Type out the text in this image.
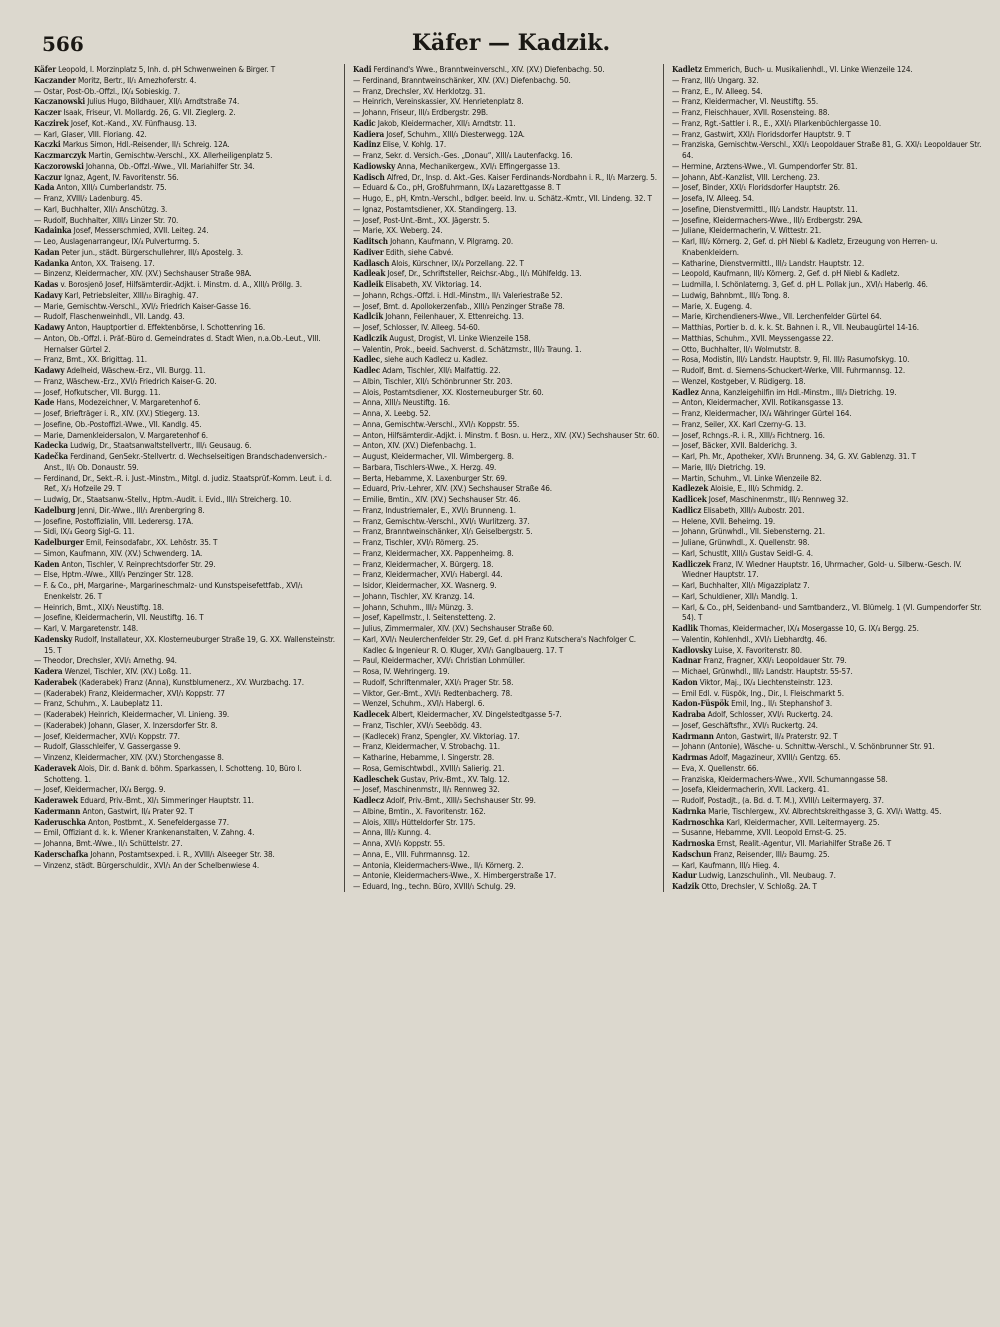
566	Käfer — Kadzik.
Käfer Leopold, I. Morzinplatz 5, Inh. d. pH Schwenweinen & Birger. T
Kaczander Moritz, Bertr., II/₁ Arnezhoferstr. 4.
— Ostar, Post-Ob.-Offzl., IX/₄ Sobieskig. 7.
Kaczanowski Julius Hugo, Bildhauer, XII/₁ Arndtstraße 74.
Kaczer Isaak, Friseur, VI. Mollardg. 26, G. VII. Zieglerg. 2.
Kaczirek Josef, Kot.-Kand., XV. Fünfhausg. 13.
— Karl, Glaser, VIII. Floriang. 42.
Kaczki Markus Simon, Hdl.-Reisender, II/₁ Schreig. 12A.
Kaczmarczyk Martin, Gemischtw.-Verschl., XX. Allerheiligenplatz 5.
Kaczorowski Johanna, Ob.-Offzl.-Wwe., VII. Mariahilfer Str. 34.
Kaczur Ignaz, Agent, IV. Favoritenstr. 56.
Kada Anton, XIII/₃ Cumberlandstr. 75.
— Franz, XVIII/₂ Ladenburg. 45.
— Karl, Buchhalter, XII/₁ Anschützg. 3.
— Rudolf, Buchhalter, XIII/₃ Linzer Str. 70.
Kadainka Josef, Messerschmied, XVII. Leiteg. 24.
— Leo, Auslagenarrangeur, IX/₄ Pulverturmg. 5.
Kadan Peter jun., städt. Bürgerschullehrer, III/₃ Apostelg. 3.
Kadanka Anton, XX. Traiseng. 17.
— Binzenz, Kleidermacher, XIV. (XV.) Sechshauser Straße 98A.
Kadas v. Borosjenö Josef, Hilfsämterdir.-Adjkt. i. Minstm. d. A., XIII/₃ Pröllg. 3.
Kadavy Karl, Petriebsleiter, XIII/₁₀ Biraghig. 47.
— Marie, Gemischtw.-Verschl., XVI/₂ Friedrich Kaiser-Gasse 16.
— Rudolf, Flaschenweinhdl., VII. Landg. 43.
Kadawy Anton, Hauptportier d. Effektenbörse, I. Schottenring 16.
— Anton, Ob.-Offzl. i. Präf.-Büro d. Gemeindrates d. Stadt Wien, n.a.Ob.-Leut., VIII. Hernalser Gürtel 2.
— Franz, Bmt., XX. Brigittag. 11.
Kadawy Adelheid, Wäschew.-Erz., VII. Burgg. 11.
— Franz, Wäschew.-Erz., XVI/₂ Friedrich Kaiser-G. 20.
— Josef, Hofkutscher, VII. Burgg. 11.
Kade Hans, Modezeichner, V. Margaretenhof 6.
— Josef, Briefträger i. R., XIV. (XV.) Stiegerg. 13.
— Josefine, Ob.-Postoffizl.-Wwe., VII. Kandlg. 45.
— Marie, Damenkleidersalon, V. Margaretenhof 6.
Kadecka Ludwig, Dr., Staatsanwaltstellvertr., III/₁ Geusaug. 6.
Kadečka Ferdinand, GenSekr.-Stellvertr. d. Wechselseitigen Brandschadenversich.-Anst., II/₁ Ob. Donaustr. 59.
— Ferdinand, Dr., Sekt.-R. i. Just.-Minstm., Mitgl. d. judiz. Staatsprüf.-Komm. Leut. i. d. Ref., X/₃ Hofzeile 29. T
— Ludwig, Dr., Staatsanw.-Stellv., Hptm.-Audit. i. Evid., III/₁ Streicherg. 10.
Kadelburg Jenni, Dir.-Wwe., III/₁ Arenbergring 8.
— Josefine, Postoffizialin, VIII. Lederersg. 17A.
— Sidi, IX/₄ Georg Sigl-G. 11.
Kadelburger Emil, Feinsodafabr., XX. Lehöstr. 35. T
— Simon, Kaufmann, XIV. (XV.) Schwenderg. 1A.
Kaden Anton, Tischler, V. Reinprechtsdorfer Str. 29.
— Else, Hptm.-Wwe., XIII/₃ Penzinger Str. 128.
— F. & Co., pH, Margarine-, Margarineschmalz- und Kunstspeisefettfab., XVI/₁ Enenkelstr. 26. T
— Heinrich, Bmt., XIX/₁ Neustiftg. 18.
— Josefine, Kleidermacherin, VII. Neustiftg. 16. T
— Karl, V. Margaretenstr. 148.
Kadensky Rudolf, Installateur, XX. Klosterneuburger Straße 19, G. XX. Wallensteinstr. 15. T
— Theodor, Drechsler, XVI/₁ Arnethg. 94.
Kadera Wenzel, Tischler, XIV. (XV.) Loßg. 11.
Kaderabek (Kaderabek) Franz (Anna), Kunstblumenerz., XV. Wurzbachg. 17.
— (Kaderabek) Franz, Kleidermacher, XVI/₁ Koppstr. 77
— Franz, Schuhm., X. Laubeplatz 11.
— (Kaderabek) Heinrich, Kleidermacher, VI. Linieng. 39.
— (Kaderabek) Johann, Glaser, X. Inzersdorfer Str. 8.
— Josef, Kleidermacher, XVI/₁ Koppstr. 77.
— Rudolf, Glasschleifer, V. Gassergasse 9.
— Vinzenz, Kleidermacher, XIV. (XV.) Storchengasse 8.
Kaderavek Alois, Dir. d. Bank d. böhm. Sparkassen, I. Schotteng. 10, Büro I. Schotteng. 1.
— Josef, Kleidermacher, IX/₄ Bergg. 9.
Kaderawek Eduard, Priv.-Bmt., XI/₁ Simmeringer Hauptstr. 11.
Kadermann Anton, Gastwirt, II/₄ Prater 92. T
Kaderuschka Anton, Postbmt., X. Senefeldergasse 77.
— Emil, Offiziant d. k. k. Wiener Krankenanstalten, V. Zahng. 4.
— Johanna, Bmt.-Wwe., II/₁ Schüttelstr. 27.
Kaderschafka Johann, Postamtsexped. i. R., XVIII/₁ Alseeger Str. 38.
— Vinzenz, städt. Bürgerschuldir., XVI/₁ An der Schelbenwiese 4.
Kadi Ferdinand's Wwe., Branntweinverschl., XIV. (XV.) Diefenbachg. 50.
— Ferdinand, Branntweinschänker, XIV. (XV.) Diefenbachg. 50.
— Franz, Drechsler, XV. Herklotzg. 31.
— Heinrich, Vereinskassier, XV. Henrietenplatz 8.
— Johann, Friseur, III/₃ Erdbergstr. 29B.
Kadic Jakob, Kleidermacher, XII/₁ Arndtstr. 11.
Kadiera Josef, Schuhm., XIII/₃ Diesterwegg. 12A.
Kadinz Elise, V. Kohlg. 17.
— Franz, Sekr. d. Versich.-Ges. „Donau“, XIII/₄ Lautenfackg. 16.
Kadiowsky Anna, Mechanikergew., XVI/₁ Effingergasse 13.
Kadisch Alfred, Dr., Insp. d. Akt.-Ges. Kaiser Ferdinands-Nordbahn i. R., II/₁ Marzerg. 5.
— Eduard & Co., pH, Großfuhrmann, IX/₄ Lazarettgasse 8. T
— Hugo, E., pH, Kmtn.-Verschl., bdlger. beeid. Inv. u. Schätz.-Kmtr., VII. Lindeng. 32. T
— Ignaz, Postamtsdiener, XX. Standingerg. 13.
— Josef, Post-Unt.-Bmt., XX. Jägerstr. 5.
— Marie, XX. Weberg. 24.
Kaditsch Johann, Kaufmann, V. Pilgramg. 20.
Kadiver Edith, siehe Cabvé.
Kadlasch Alois, Kürschner, IX/₄ Porzellang. 22. T
Kadleak Josef, Dr., Schriftsteller, Reichsr.-Abg., II/₁ Mühlfeldg. 13.
Kadleik Elisabeth, XV. Viktoriag. 14.
— Johann, Rchgs.-Offzl. i. Hdl.-Minstm., II/₁ Valeriestraße 52.
— Josef, Bmt. d. Apollokerzenfab., XIII/₃ Penzinger Straße 78.
Kadlcik Johann, Feilenhauer, X. Ettenreichg. 13.
— Josef, Schlosser, IV. Alleeg. 54-60.
Kadlczik August, Drogist, VI. Linke Wienzeile 158.
— Valentin, Prok., beeid. Sachverst. d. Schätzmstr., III/₂ Traung. 1.
Kadlec, siehe auch Kadlecz u. Kadlez.
Kadlec Adam, Tischler, XII/₁ Malfattig. 22.
— Albin, Tischler, XII/₁ Schönbrunner Str. 203.
— Alois, Postamtsdiener, XX. Klosterneuburger Str. 60.
— Anna, XIII/₃ Neustiftg. 16.
— Anna, X. Leebg. 52.
— Anna, Gemischtw.-Verschl., XVI/₁ Koppstr. 55.
— Anton, Hilfsämterdir.-Adjkt. i. Minstm. f. Bosn. u. Herz., XIV. (XV.) Sechshauser Str. 60.
— Anton, XIV. (XV.) Diefenbachg. 1.
— August, Kleidermacher, VII. Wimbergerg. 8.
— Barbara, Tischlers-Wwe., X. Herzg. 49.
— Berta, Hebamme, X. Laxenburger Str. 69.
— Eduard, Priv.-Lehrer, XIV. (XV.) Sechshauser Straße 46.
— Emilie, Bmtin., XIV. (XV.) Sechshauser Str. 46.
— Franz, Industriemaler, E., XVI/₁ Brunneng. 1.
— Franz, Gemischtw.-Verschl., XVI/₁ Wurlitzerg. 37.
— Franz, Branntweinschänker, XI/₁ Geiselbergstr. 5.
— Franz, Tischler, XVI/₁ Römerg. 25.
— Franz, Kleidermacher, XX. Pappenheimg. 8.
— Franz, Kleidermacher, X. Bürgerg. 18.
— Franz, Kleidermacher, XVI/₁ Habergl. 44.
— Isidor, Kleidermacher, XX. Wasnerg. 9.
— Johann, Tischler, XV. Kranzg. 14.
— Johann, Schuhm., III/₂ Münzg. 3.
— Josef, Kapellmstr., I. Seitenstetteng. 2.
— Julius, Zimmermaler, XIV. (XV.) Sechshauser Straße 60.
— Karl, XVI/₁ Neulerchenfelder Str. 29, Gef. d. pH Franz Kutschera's Nachfolger C. Kadlec & Ingenieur R. O. Kluger, XVI/₁ Ganglbauerg. 17. T
— Paul, Kleidermacher, XVI/₁ Christian Lohmüller.
— Rosa, IV. Wehringerg. 19.
— Rudolf, Schriftenmaler, XXI/₁ Prager Str. 58.
— Viktor, Ger.-Bmt., XVI/₁ Redtenbacherg. 78.
— Wenzel, Schuhm., XVI/₁ Habergl. 6.
Kadlecek Albert, Kleidermacher, XV. Dingelstedtgasse 5-7.
— Franz, Tischler, XVI/₁ Seebödg. 43.
— (Kadlecek) Franz, Spengler, XV. Viktoriag. 17.
— Franz, Kleidermacher, V. Strobachg. 11.
— Katharine, Hebamme, I. Singerstr. 28.
— Rosa, Gemischtwbdl., XVIII/₁ Salierig. 21.
Kadleschek Gustav, Priv.-Bmt., XV. Talg. 12.
— Josef, Maschinenmstr., II/₁ Rennweg 32.
Kadlecz Adolf, Priv.-Bmt., XIII/₃ Sechshauser Str. 99.
— Albine, Bmtin., X. Favoritenstr. 162.
— Alois, XIII/₃ Hütteldorfer Str. 175.
— Anna, III/₂ Kunng. 4.
— Anna, XVI/₁ Koppstr. 55.
— Anna, E., VIII. Fuhrmannsg. 12.
— Antonia, Kleidermachers-Wwe., II/₁ Körnerg. 2.
— Antonie, Kleidermachers-Wwe., X. Himbergerstraße 17.
— Eduard, Ing., techn. Büro, XVIII/₁ Schulg. 29.
Kadletz Emmerich, Buch- u. Musikalienhdl., VI. Linke Wienzeile 124.
— Franz, III/₂ Ungarg. 32.
— Franz, E., IV. Alleeg. 54.
— Franz, Kleidermacher, VI. Neustiftg. 55.
— Franz, Fleischhauer, XVII. Rosensteing. 88.
— Franz, Rgt.-Sattler i. R., E., XXI/₁ Pilarkenbüchlergasse 10.
— Franz, Gastwirt, XXI/₁ Floridsdorfer Hauptstr. 9. T
— Franziska, Gemischtw.-Verschl., XXI/₁ Leopoldauer Straße 81, G. XXI/₁ Leopoldauer Str. 64.
— Hermine, Arztens-Wwe., VI. Gumpendorfer Str. 81.
— Johann, Abf.-Kanzlist, VIII. Lercheng. 23.
— Josef, Binder, XXI/₁ Floridsdorfer Hauptstr. 26.
— Josefa, IV. Alleeg. 54.
— Josefine, Dienstvermittl., III/₂ Landstr. Hauptstr. 11.
— Josefine, Kleidermachers-Wwe., III/₂ Erdbergstr. 29A.
— Juliane, Kleidermacherin, V. Wittestr. 21.
— Karl, III/₂ Körnerg. 2, Gef. d. pH Niebl & Kadletz, Erzeugung von Herren- u. Knabenkleidern.
— Katharine, Dienstvermittl., III/₂ Landstr. Hauptstr. 12.
— Leopold, Kaufmann, III/₂ Körnerg. 2, Gef. d. pH Niebl & Kadletz.
— Ludmilla, I. Schönlaterng. 3, Gef. d. pH L. Pollak jun., XVI/₁ Haberlg. 46.
— Ludwig, Bahnbmt., III/₂ Tong. 8.
— Marie, X. Eugeng. 4.
— Marie, Kirchendieners-Wwe., VII. Lerchenfelder Gürtel 64.
— Matthias, Portier b. d. k. k. St. Bahnen i. R., VII. Neubaugürtel 14-16.
— Matthias, Schuhm., XVII. Meyssengasse 22.
— Otto, Buchhalter, II/₁ Wolmutstr. 8.
— Rosa, Modistin, III/₂ Landstr. Hauptstr. 9, Fil. III/₂ Rasumofskyg. 10.
— Rudolf, Bmt. d. Siemens-Schuckert-Werke, VIII. Fuhrmannsg. 12.
— Wenzel, Kostgeber, V. Rüdigerg. 18.
Kadlez Anna, Kanzleigehilfin im Hdl.-Minstm., III/₃ Dietrichg. 19.
— Anton, Kleidermacher, XVII. Rotikansgasse 13.
— Franz, Kleidermacher, IX/₄ Währinger Gürtel 164.
— Franz, Seiler, XX. Karl Czerny-G. 13.
— Josef, Rchngs.-R. i. R., XIII/₃ Fichtnerg. 16.
— Josef, Bäcker, XVII. Balderichg. 3.
— Karl, Ph. Mr., Apotheker, XVI/₁ Brunneng. 34, G. XV. Gablenzg. 31. T
— Marie, III/₂ Dietrichg. 19.
— Martin, Schuhm., VI. Linke Wienzeile 82.
Kadlezek Aloisie, E., III/₂ Schmidg. 2.
Kadlicek Josef, Maschinenmstr., III/₂ Rennweg 32.
Kadlicz Elisabeth, XIII/₃ Aubostr. 201.
— Helene, XVII. Beheimg. 19.
— Johann, Grünwhdl., VII. Siebensterng. 21.
— Juliane, Grünwhdl., X. Quellenstr. 98.
— Karl, Schustlt, XIII/₃ Gustav Seidl-G. 4.
Kadliczek Franz, IV. Wiedner Hauptstr. 16, Uhrmacher, Gold- u. Silberw.-Gesch. IV. Wiedner Hauptstr. 17.
— Karl, Buchhalter, XII/₁ Migazziplatz 7.
— Karl, Schuldiener, XII/₁ Mandlg. 1.
— Karl, & Co., pH, Seidenband- und Samtbanderz., VI. Blümelg. 1 (VI. Gumpendorfer Str. 54). T
Kadlik Thomas, Kleidermacher, IX/₄ Mosergasse 10, G. IX/₄ Bergg. 25.
— Valentin, Kohlenhdl., XVI/₁ Liebhardtg. 46.
Kadlovsky Luise, X. Favoritenstr. 80.
Kadnar Franz, Fragner, XXI/₁ Leopoldauer Str. 79.
— Michael, Grünwhdl., III/₂ Landstr. Hauptstr. 55-57.
Kadon Viktor, Maj., IX/₄ Liechtensteinstr. 123.
— Emil Edl. v. Füspök, Ing., Dir., I. Fleischmarkt 5.
Kadon-Füspök Emil, Ing., II/₁ Stephanshof 3.
Kadraba Adolf, Schlosser, XVI/₁ Ruckertg. 24.
— Josef, Geschäftsfhr., XVI/₁ Ruckertg. 24.
Kadrmann Anton, Gastwirt, II/₄ Praterstr. 92. T
— Johann (Antonie), Wäsche- u. Schnittw.-Verschl., V. Schönbrunner Str. 91.
Kadrmas Adolf, Magazineur, XVIII/₁ Gentzg. 65.
— Eva, X. Quellenstr. 66.
— Franziska, Kleidermachers-Wwe., XVII. Schumanngasse 58.
— Josefa, Kleidermacherin, XVII. Lackerg. 41.
— Rudolf, Postadjt., (a. Bd. d. T. M.), XVIII/₁ Leitermayerg. 37.
Kadrnka Marie, Tischlergew., XV. Albrechtskreithgasse 3, G. XVI/₁ Wattg. 45.
Kadrnoschka Karl, Kleidermacher, XVII. Leitermayerg. 25.
— Susanne, Hebamme, XVII. Leopold Ernst-G. 25.
Kadrnoska Ernst, Realit.-Agentur, VII. Mariahilfer Straße 26. T
Kadschun Franz, Reisender, III/₂ Baumg. 25.
— Karl, Kaufmann, III/₂ Hieg. 4.
Kadur Ludwig, Lanzschulinh., VII. Neubaug. 7.
Kadzik Otto, Drechsler, V. Schloßg. 2A. T
